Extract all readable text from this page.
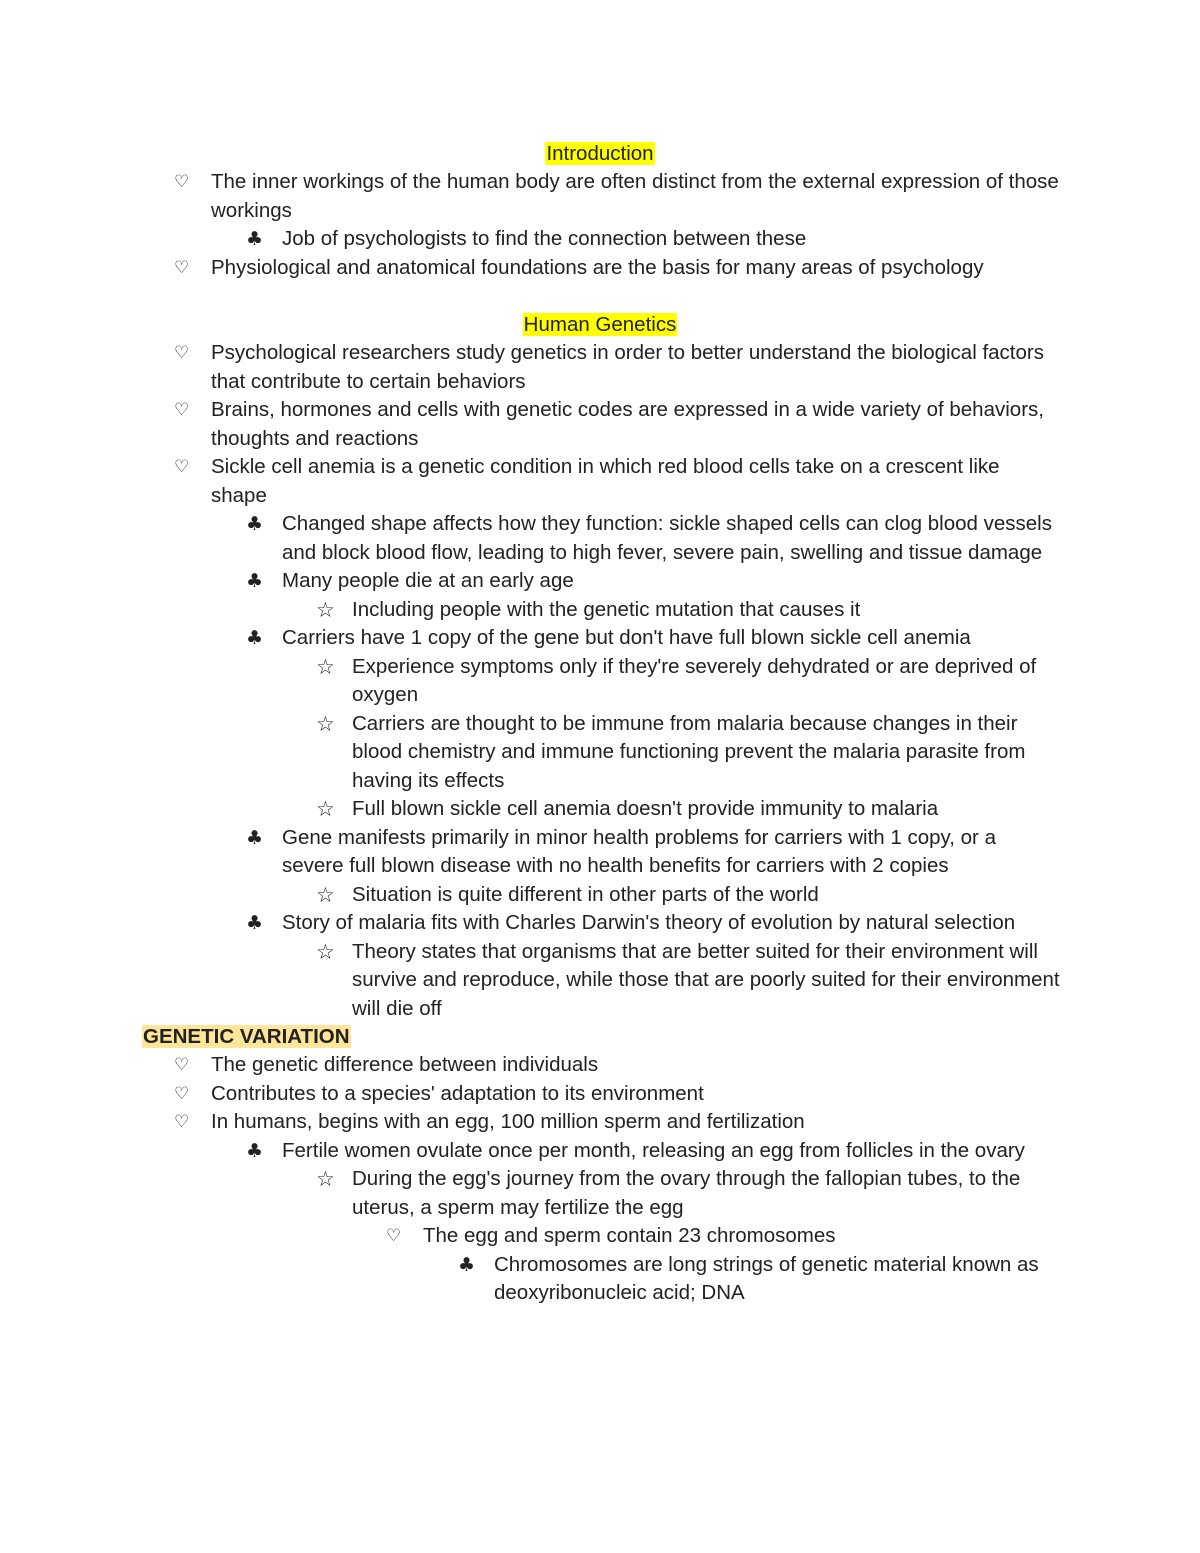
Introduction

♡	The inner workings of the human body are often distinct from the external expression of those workings
♣ Job of psychologists to find the connection between these
♡	Physiological and anatomical foundations are the basis for many areas of psychology

Human Genetics

♡	Psychological researchers study genetics in order to better understand the biological factors that contribute to certain behaviors
♡	Brains, hormones and cells with genetic codes are expressed in a wide variety of behaviors, thoughts and reactions
♡	Sickle cell anemia is a genetic condition in which red blood cells take on a crescent like shape
♣ Changed shape affects how they function: sickle shaped cells can clog blood vessels and block blood flow, leading to high fever, severe pain, swelling and tissue damage
♣ Many people die at an early age
☆ Including people with the genetic mutation that causes it
♣ Carriers have 1 copy of the gene but don't have full blown sickle cell anemia
☆ Experience symptoms only if they're severely dehydrated or are deprived of oxygen
☆ Carriers are thought to be immune from malaria because changes in their blood chemistry and immune functioning prevent the malaria parasite from having its effects
☆ Full blown sickle cell anemia doesn't provide immunity to malaria
♣ Gene manifests primarily in minor health problems for carriers with 1 copy, or a severe full blown disease with no health benefits for carriers with 2 copies
☆ Situation is quite different in other parts of the world
♣ Story of malaria fits with Charles Darwin's theory of evolution by natural selection
☆ Theory states that organisms that are better suited for their environment will survive and reproduce, while those that are poorly suited for their environment will die off

GENETIC VARIATION

♡	The genetic difference between individuals
♡	Contributes to a species' adaptation to its environment
♡	In humans, begins with an egg, 100 million sperm and fertilization
♣ Fertile women ovulate once per month, releasing an egg from follicles in the ovary
☆ During the egg's journey from the ovary through the fallopian tubes, to the uterus, a sperm may fertilize the egg
♡	The egg and sperm contain 23 chromosomes
♣ Chromosomes are long strings of genetic material known as deoxyribonucleic acid; DNA
